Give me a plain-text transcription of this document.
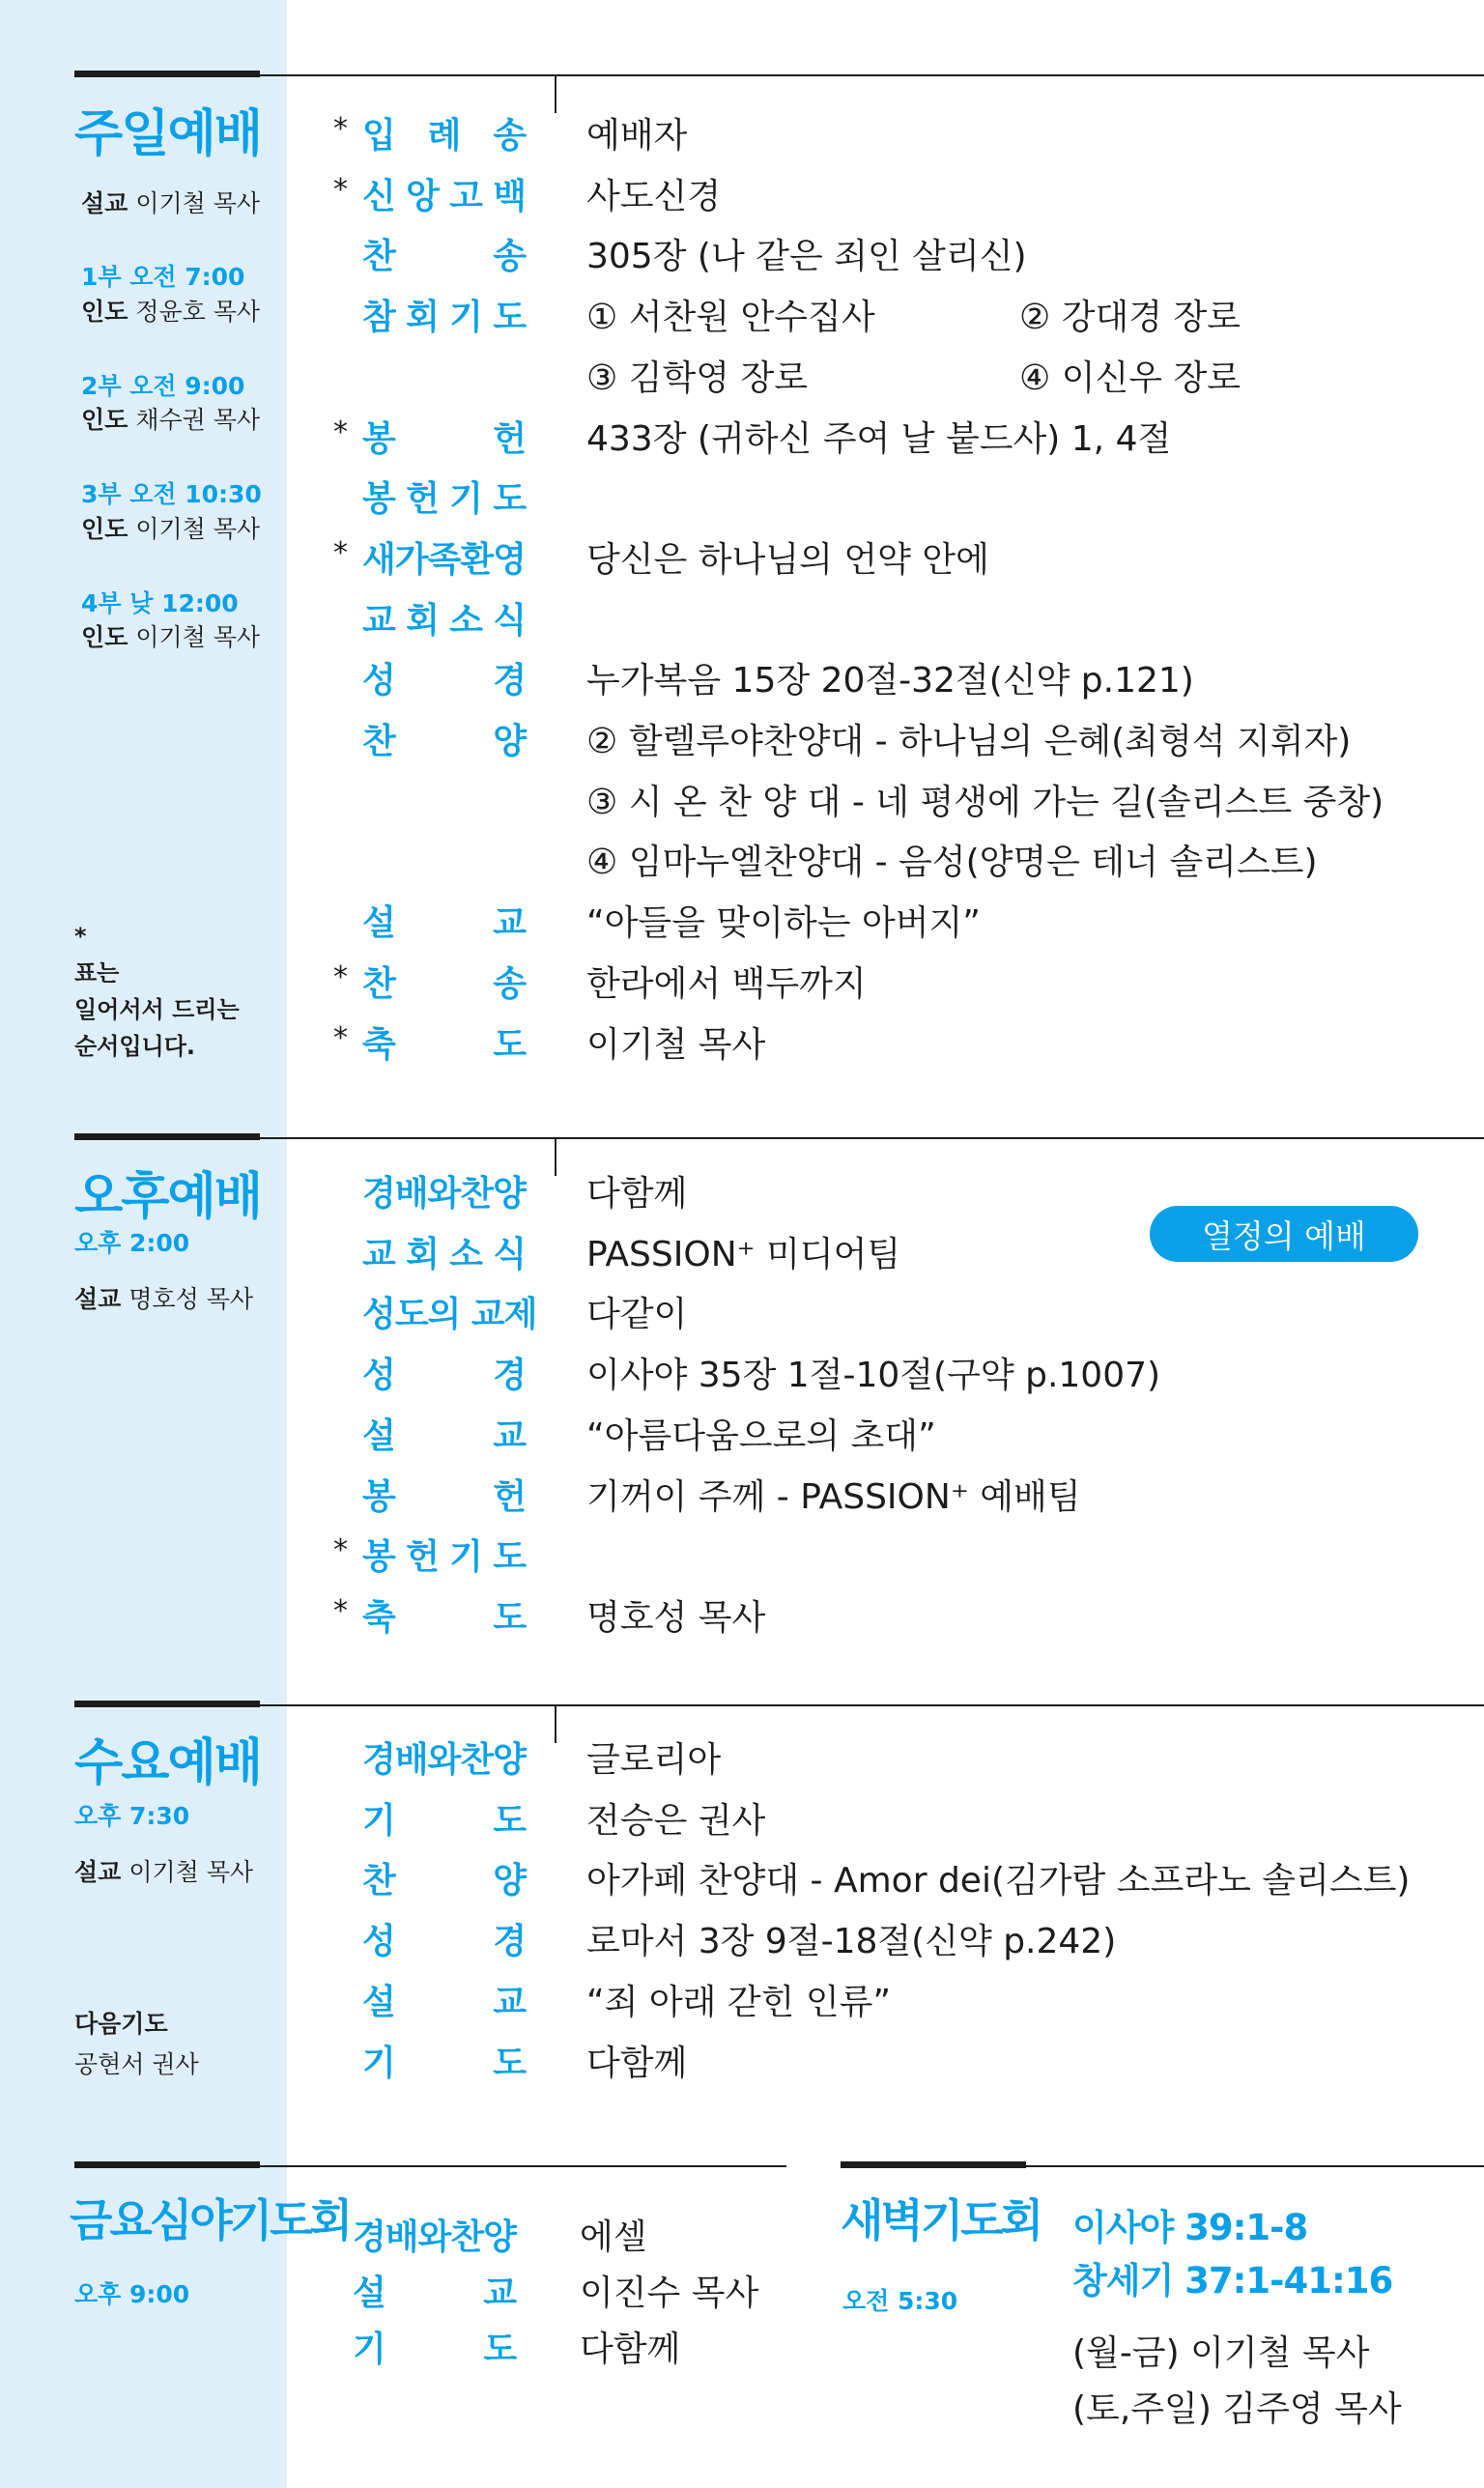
주일예배
설교 이기철 목사
1부 오전 7:00
인도 정윤호 목사
2부 오전 9:00
인도 채수권 목사
3부 오전 10:30
인도 이기철 목사
4부 낮 12:00
인도 이기철 목사
*
표는
일어서서 드리는
순서입니다.
* 입 례 송 예배자
* 신 앙 고 백 사도신경
찬	송 305장 (나 같은 죄인 살리신)
참 회 기 도 ① 서찬원 안수집사	② 강대경 장로
③ 김학영 장로	④ 이신우 장로
* 봉	헌 433장 (귀하신 주여 날 붙드사) 1, 4절
봉 헌 기 도
* 새가족환영 당신은 하나님의 언약 안에
교 회 소 식
성	경 누가복음 15장 20절-32절(신약 p.121)
찬	양 ② 할렐루야찬양대 - 하나님의 은혜(최형석 지휘자)
③ 시 온 찬 양 대 - 네 평생에 가는 길(솔리스트 중창)
④ 임마누엘찬양대 - 음성(양명은 테너 솔리스트)
설	교 “아들을 맞이하는 아버지”
* 찬	송 한라에서 백두까지
* 축	도 이기철 목사
오후예배
오후 2:00
설교 명호성 목사
열정의 예배
경배와찬양 다함께
교 회 소 식 PASSION⁺ 미디어팀
성도의 교제 다같이
성	경 이사야 35장 1절-10절(구약 p.1007)
설	교 “아름다움으로의 초대”
봉	헌 기꺼이 주께 - PASSION⁺ 예배팀
* 봉 헌 기 도
* 축	도 명호성 목사
수요예배
오후 7:30
설교 이기철 목사
다음기도
공현서 권사
경배와찬양 글로리아
기	도 전승은 권사
찬	양 아가페 찬양대 - Amor dei(김가람 소프라노 솔리스트)
성	경 로마서 3장 9절-18절(신약 p.242)
설	교 “죄 아래 갇힌 인류”
기	도 다함께
금요심야기도회
오후 9:00
경배와찬양 에셀
설	교 이진수 목사
기	도 다함께
새벽기도회
오전 5:30
이사야 39:1-8
창세기 37:1-41:16
(월-금) 이기철 목사
(토,주일) 김주영 목사
